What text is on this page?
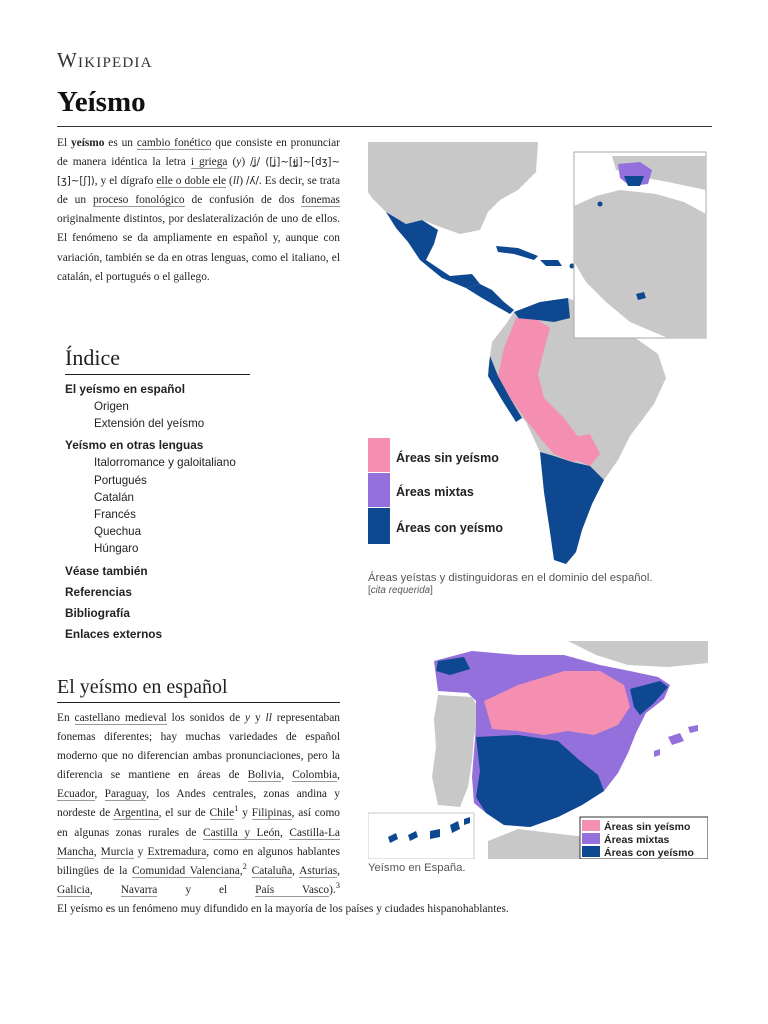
Wikipedia
Yeísmo

El yeísmo es un cambio fonético que consiste en pronunciar de manera idéntica la letra i griega (y) /ʝ/ ([ʝ]~[ɟʝ]~[dʒ]~[ʒ]~[ʃ]), y el dígrafo elle o doble ele (ll) /ʎ/. Es decir, se trata de un proceso fonológico de confusión de dos fonemas originalmente distintos, por deslateralización de uno de ellos. El fenómeno se da ampliamente en español y, aunque con variación, también se da en otras lenguas, como el italiano, el catalán, el portugués o el gallego.

Índice
El yeísmo en español
Origen
Extensión del yeísmo
Yeísmo en otras lenguas
Italorromance y galoitaliano
Portugués
Catalán
Francés
Quechua
Húngaro
Véase también
Referencias
Bibliografía
Enlaces externos
Áreas sin yeísmo
Áreas mixtas
Áreas con yeísmo
Áreas yeístas y distinguidoras en el dominio del español.
[cita requerida]
El yeísmo en español

En castellano medieval los sonidos de y y ll representaban fonemas diferentes; hay muchas variedades de español moderno que no diferencian ambas pronunciaciones, pero la diferencia se mantiene en áreas de Bolivia, Colombia, Ecuador, Paraguay, los Andes centrales, zonas andina y nordeste de Argentina, el sur de Chile$^1$ y Filipinas, así como en algunas zonas rurales de Castilla y León, Castilla-La Mancha, Murcia y Extremadura, como en algunos hablantes bilingües de la Comunidad Valenciana,$^2$ Cataluña, Asturias, Galicia, Navarra y el País Vasco).$^3$ El yeísmo es un fenómeno muy difundido en la mayoría de los países y ciudades hispanohablantes.

Áreas sin yeísmo
Áreas mixtas
Áreas con yeísmo
Yeísmo en España.
